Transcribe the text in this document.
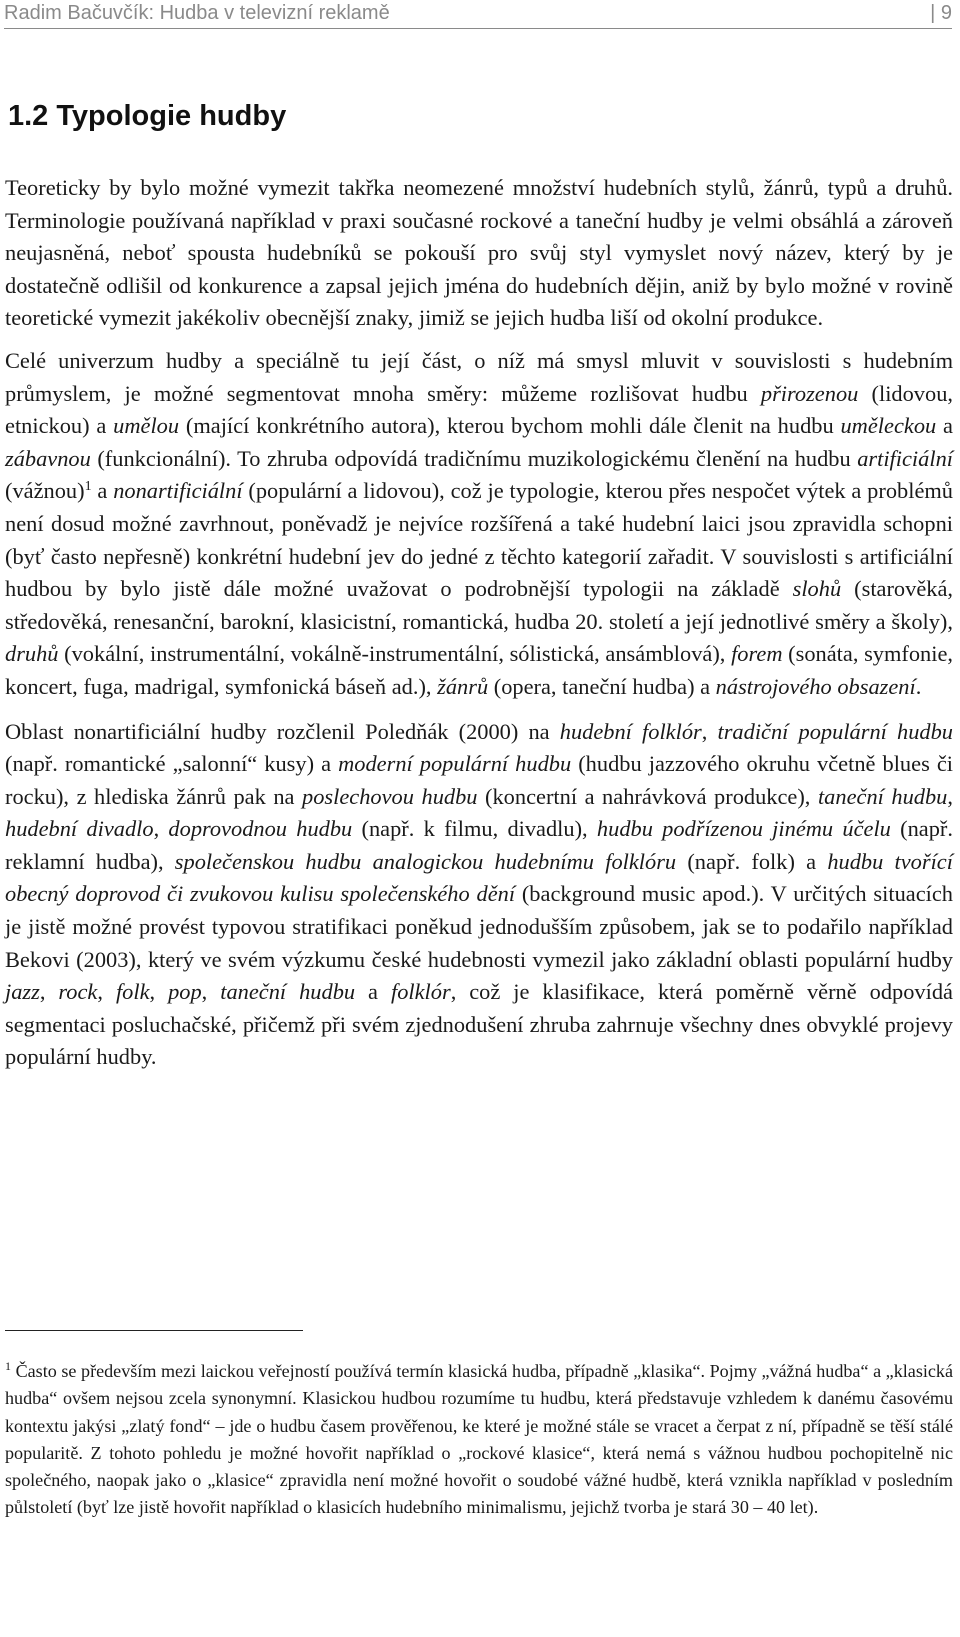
Radim Bačuvčík: Hudba v televizní reklamě	| 9
1.2 Typologie hudby

Teoreticky by bylo možné vymezit takřka neomezené množství hudebních stylů, žánrů, typů a druhů. Terminologie používaná například v praxi současné rockové a taneční hudby je velmi obsáhlá a zároveň neujasněná, neboť spousta hudebníků se pokouší pro svůj styl vymyslet nový název, který by je dostatečně odlišil od konkurence a zapsal jejich jména do hudebních dějin, aniž by bylo možné v rovině teoretické vymezit jakékoliv obecnější znaky, jimiž se jejich hudba liší od okolní produkce.

Celé univerzum hudby a speciálně tu její část, o níž má smysl mluvit v souvislosti s hudebním průmyslem, je možné segmentovat mnoha směry: můžeme rozlišovat hudbu přirozenou (lidovou, etnickou) a umělou (mající konkrétního autora), kterou bychom mohli dále členit na hudbu uměleckou a zábavnou (funkcionální). To zhruba odpovídá tradičnímu muzikologickému členění na hudbu artificiální (vážnou)$^1$ a nonartificiální (populární a lidovou), což je typologie, kterou přes nespočet výtek a problémů není dosud možné zavrhnout, poněvadž je nejvíce rozšířená a také hudební laici jsou zpravidla schopni (byť často nepřesně) konkrétní hudební jev do jedné z těchto kategorií zařadit. V souvislosti s artificiální hudbou by bylo jistě dále možné uvažovat o podrobnější typologii na základě slohů (starověká, středověká, renesanční, barokní, klasicistní, romantická, hudba 20. století a její jednotlivé směry a školy), druhů (vokální, instrumentální, vokálně-instrumentální, sólistická, ansámblová), forem (sonáta, symfonie, koncert, fuga, madrigal, symfonická báseň ad.), žánrů (opera, taneční hudba) a nástrojového obsazení.

Oblast nonartificiální hudby rozčlenil Poledňák (2000) na hudební folklór, tradiční populární hudbu (např. romantické „salonní“ kusy) a moderní populární hudbu (hudbu jazzového okruhu včetně blues či rocku), z hlediska žánrů pak na poslechovou hudbu (koncertní a nahrávková produkce), taneční hudbu, hudební divadlo, doprovodnou hudbu (např. k filmu, divadlu), hudbu podřízenou jinému účelu (např. reklamní hudba), společenskou hudbu analogickou hudebnímu folklóru (např. folk) a hudbu tvořící obecný doprovod či zvukovou kulisu společenského dění (background music apod.). V určitých situacích je jistě možné provést typovou stratifikaci poněkud jednodušším způsobem, jak se to podařilo například Bekovi (2003), který ve svém výzkumu české hudebnosti vymezil jako základní oblasti populární hudby jazz, rock, folk, pop, taneční hudbu a folklór, což je klasifikace, která poměrně věrně odpovídá segmentaci posluchačské, přičemž při svém zjednodušení zhruba zahrnuje všechny dnes obvyklé projevy populární hudby.

$^1$ Často se především mezi laickou veřejností používá termín klasická hudba, případně „klasika“. Pojmy „vážná hudba“ a „klasická hudba“ ovšem nejsou zcela synonymní. Klasickou hudbou rozumíme tu hudbu, která představuje vzhledem k danému časovému kontextu jakýsi „zlatý fond“ – jde o hudbu časem prověřenou, ke které je možné stále se vracet a čerpat z ní, případně se těší stálé popularitě. Z tohoto pohledu je možné hovořit například o „rockové klasice“, která nemá s vážnou hudbou pochopitelně nic společného, naopak jako o „klasice“ zpravidla není možné hovořit o soudobé vážné hudbě, která vznikla například v posledním půlstoletí (byť lze jistě hovořit například o klasicích hudebního minimalismu, jejichž tvorba je stará 30 – 40 let).
